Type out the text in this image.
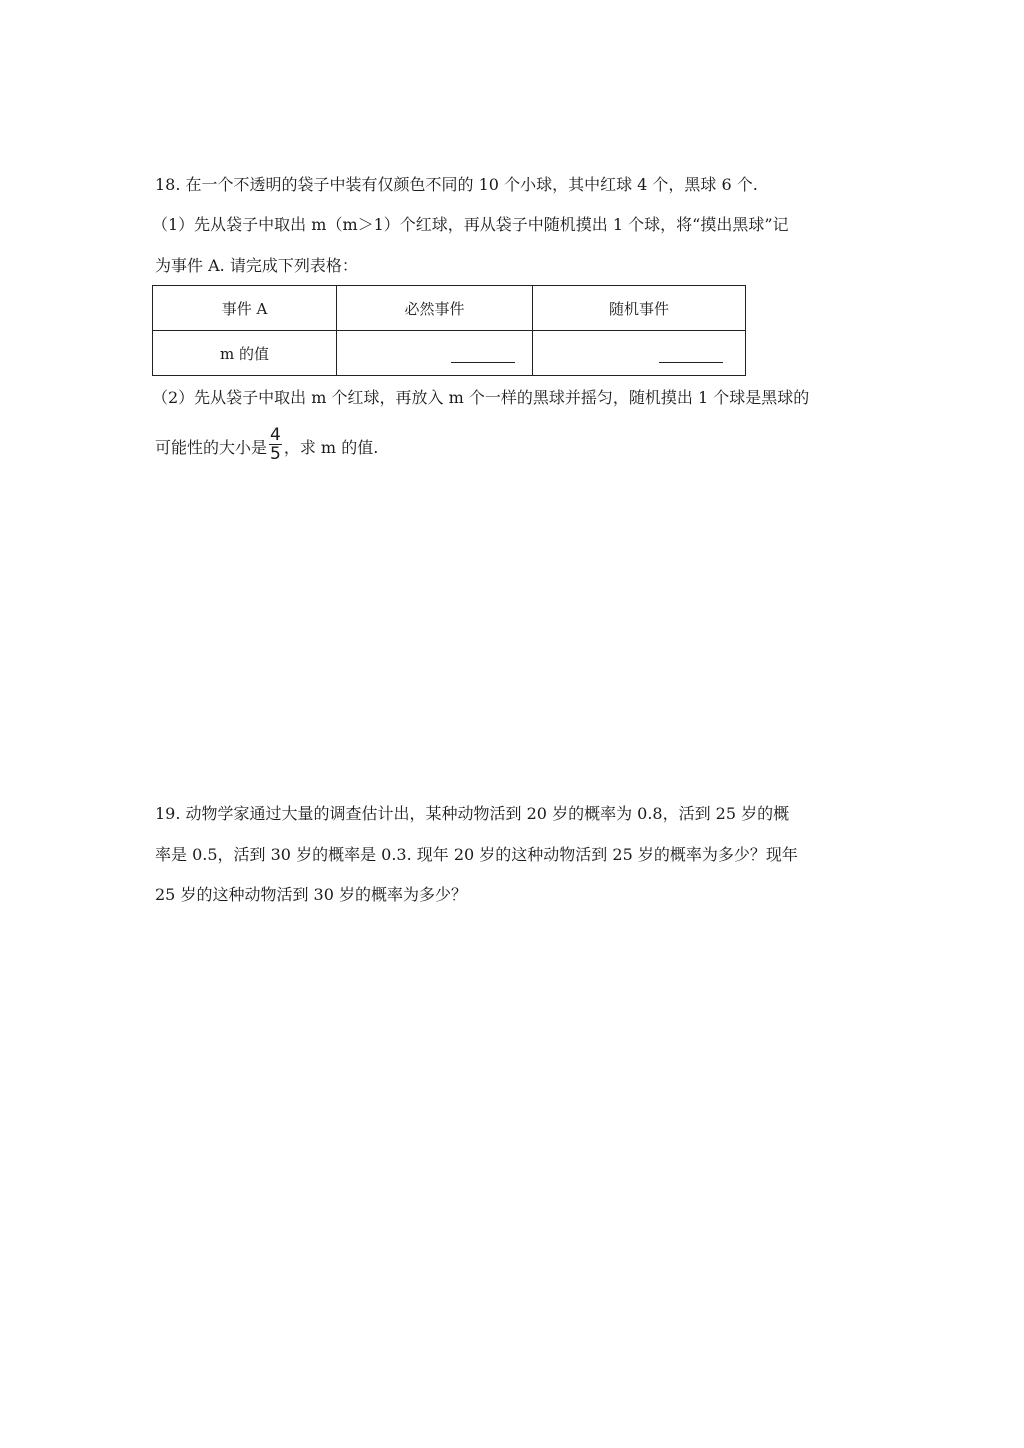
18. 在一个不透明的袋子中装有仅颜色不同的 10 个小球，其中红球 4 个，黑球 6 个.
（1）先从袋子中取出 m（m＞1）个红球，再从袋子中随机摸出 1 个球，将“摸出黑球”记
为事件 A. 请完成下列表格：
事件 A	必然事件	随机事件
m 的值		
（2）先从袋子中取出 m 个红球，再放入 m 个一样的黑球并摇匀，随机摸出 1 个球是黑球的
可能性的大小是 $\frac{4}{5}$ ，求 m 的值.
19. 动物学家通过大量的调查估计出，某种动物活到 20 岁的概率为 0.8，活到 25 岁的概
率是 0.5，活到 30 岁的概率是 0.3. 现年 20 岁的这种动物活到 25 岁的概率为多少？现年
25 岁的这种动物活到 30 岁的概率为多少？
